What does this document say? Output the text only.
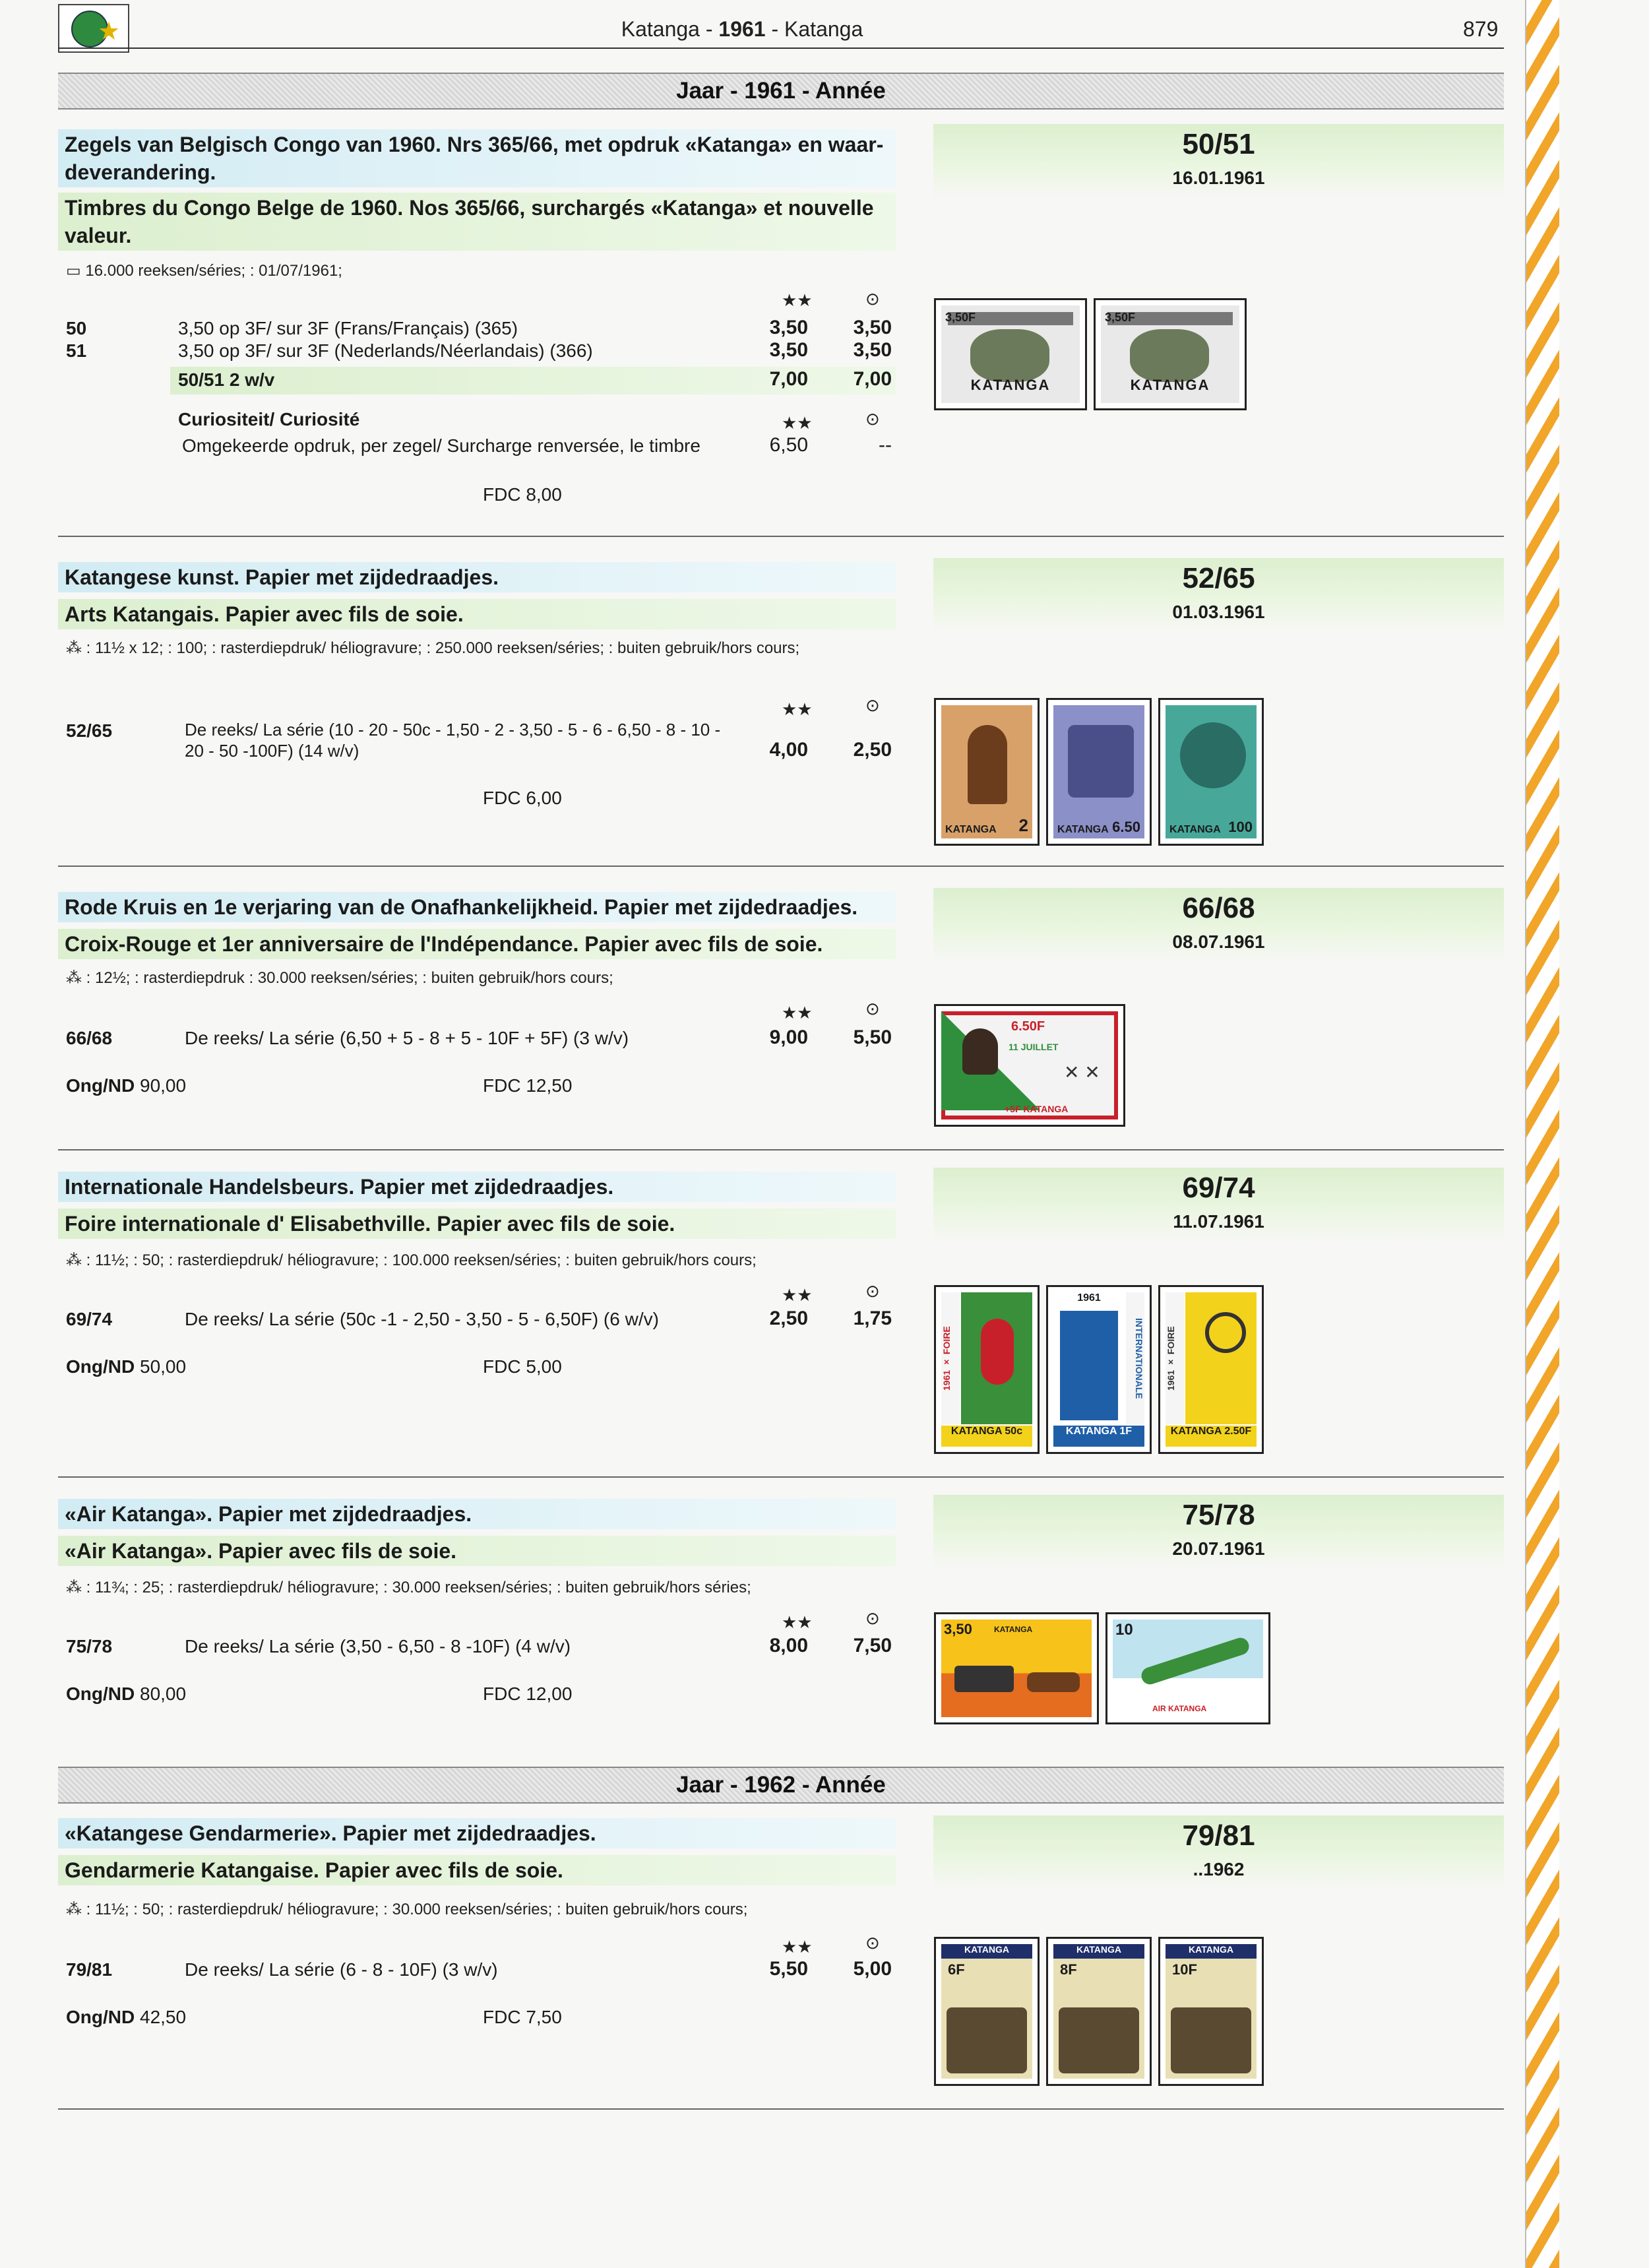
★	Katanga - 1961 - Katanga	879
Jaar - 1961 - Année
Zegels van Belgisch Congo van 1960. Nrs 365/66, met opdruk «Katanga» en waar-deverandering.
Timbres du Congo Belge de 1960. Nos 365/66, surchargés «Katanga» et nouvelle valeur.
▭ 16.000 reeksen/séries; : 01/07/1961;
★★	⊙
50	3,50 op 3F/ sur 3F (Frans/Français) (365)	3,50	3,50
51	3,50 op 3F/ sur 3F (Nederlands/Néerlandais) (366)	3,50	3,50
50/51 2 w/v	7,00	7,00
Curiositeit/ Curiosité	★★	⊙
Omgekeerde opdruk, per zegel/ Surcharge renversée, le timbre	6,50	--
FDC 8,00
50/51
16.01.1961
KATANGA
3,50F
KATANGA
3,50F
Katangese kunst. Papier met zijdedraadjes.
Arts Katangais. Papier avec fils de soie.
⁂ : 11½ x 12; : 100; : rasterdiepdruk/ héliogravure; : 250.000 reeksen/séries; : buiten gebruik/hors cours;
★★	⊙
52/65	De reeks/ La série (10 - 20 - 50c - 1,50 - 2 - 3,50 - 5 - 6 - 6,50 - 8 - 10 - 20 - 50 -100F) (14 w/v)	4,00	2,50
FDC 6,00
52/65
01.03.1961
KATANGA 2	KATANGA 6.50	KATANGA 100
Rode Kruis en 1e verjaring van de Onafhankelijkheid. Papier met zijdedraadjes.
Croix-Rouge et 1er anniversaire de l'Indépendance. Papier avec fils de soie.
⁂ : 12½; : rasterdiepdruk : 30.000 reeksen/séries; : buiten gebruik/hors cours;
★★	⊙
66/68	De reeks/ La série (6,50 + 5 - 8 + 5 - 10F + 5F) (3 w/v)	9,00	5,50
Ong/ND 90,00	FDC 12,50
66/68
08.07.1961
6.50F
11 JUILLET
✕ ✕
+5F KATANGA
Internationale Handelsbeurs. Papier met zijdedraadjes.
Foire internationale d' Elisabethville. Papier avec fils de soie.
⁂ : 11½; : 50; : rasterdiepdruk/ héliogravure; : 100.000 reeksen/séries; : buiten gebruik/hors cours;
★★	⊙
69/74	De reeks/ La série (50c -1 - 2,50 - 3,50 - 5 - 6,50F) (6 w/v)	2,50	1,75
Ong/ND 50,00	FDC 5,00
69/74
11.07.1961
1961 × FOIRE
KATANGA 50c
INTERNATIONALE
1961
KATANGA 1F
1961 × FOIRE
KATANGA 2.50F
«Air Katanga». Papier met zijdedraadjes.
«Air Katanga». Papier avec fils de soie.
⁂ : 11¾; : 25; : rasterdiepdruk/ héliogravure; : 30.000 reeksen/séries; : buiten gebruik/hors séries;
★★	⊙
75/78	De reeks/ La série (3,50 - 6,50 - 8 -10F) (4 w/v)	8,00	7,50
Ong/ND 80,00	FDC 12,00
75/78
20.07.1961
3,50	KATANGA	10
AIR KATANGA
Jaar - 1962 - Année
«Katangese Gendarmerie». Papier met zijdedraadjes.
Gendarmerie Katangaise. Papier avec fils de soie.
⁂ : 11½; : 50; : rasterdiepdruk/ héliogravure; : 30.000 reeksen/séries; : buiten gebruik/hors cours;
★★	⊙
79/81	De reeks/ La série (6 - 8 - 10F) (3 w/v)	5,50	5,00
Ong/ND 42,50	FDC 7,50
79/81
..1962
KATANGA
6F
KATANGA
8F
KATANGA
10F
